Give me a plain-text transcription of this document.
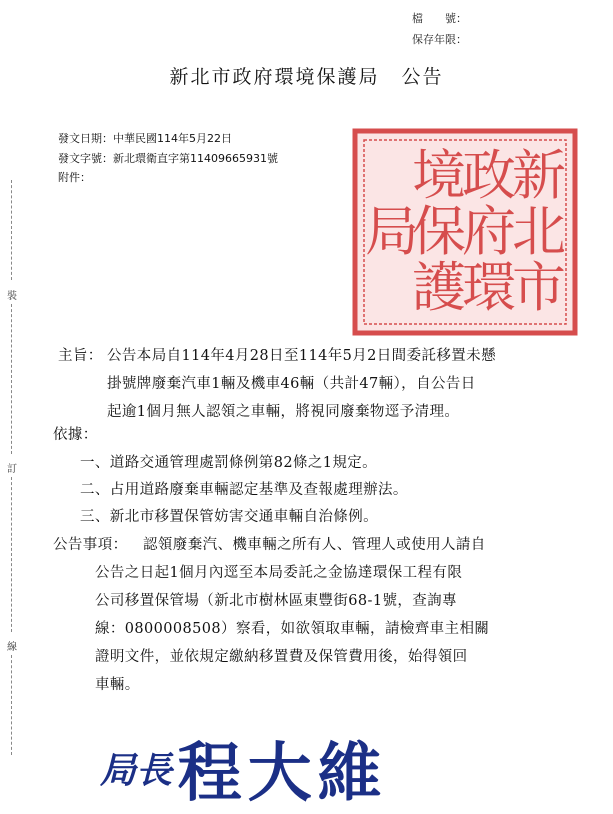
檔　　號：
保存年限：
新北市政府環境保護局 公告
發文日期：中華民國114年5月22日
發文字號：新北環衛直字第11409665931號
附件：
裝
訂
線
新
北
市
政
府
環
境
保
護
局
主旨： 公告本局自114年4月28日至114年5月2日間委託移置未懸
掛號牌廢棄汽車1輛及機車46輛（共計47輛），自公告日
起逾1個月無人認領之車輛，將視同廢棄物逕予清理。
依據：
一、道路交通管理處罰條例第82條之1規定。
二、占用道路廢棄車輛認定基準及查報處理辦法。
三、新北市移置保管妨害交通車輛自治條例。
公告事項： 認領廢棄汽、機車輛之所有人、管理人或使用人請自
公告之日起1個月內逕至本局委託之金協達環保工程有限
公司移置保管場（新北市樹林區東豐街68-1號，查詢專
線：0800008508）察看，如欲領取車輛，請檢齊車主相關
證明文件，並依規定繳納移置費及保管費用後，始得領回
車輛。
局長 程大維
